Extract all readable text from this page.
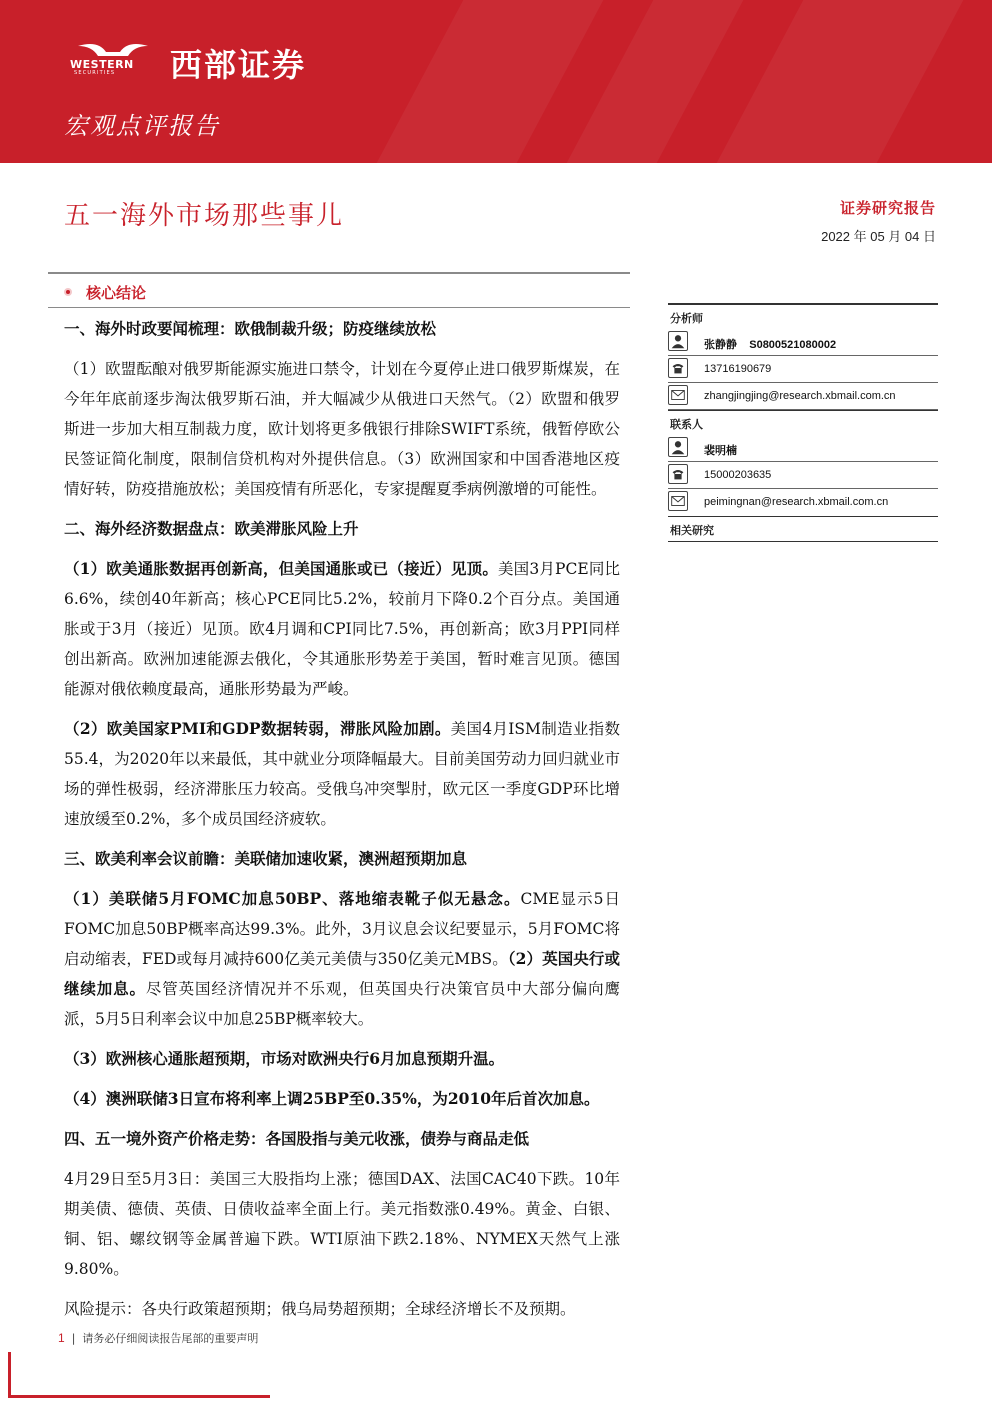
WESTERN
SECURITIES 西部证券
宏观点评报告
五一海外市场那些事儿	证券研究报告
2022 年 05 月 04 日
核心结论

一、海外时政要闻梳理：欧俄制裁升级；防疫继续放松

（1）欧盟酝酿对俄罗斯能源实施进口禁令，计划在今夏停止进口俄罗斯煤炭，在今年年底前逐步淘汰俄罗斯石油，并大幅减少从俄进口天然气。（2）欧盟和俄罗斯进一步加大相互制裁力度，欧计划将更多俄银行排除SWIFT系统，俄暂停欧公民签证简化制度，限制信贷机构对外提供信息。（3）欧洲国家和中国香港地区疫情好转，防疫措施放松；美国疫情有所恶化，专家提醒夏季病例激增的可能性。

二、海外经济数据盘点：欧美滞胀风险上升

（1）欧美通胀数据再创新高，但美国通胀或已（接近）见顶。美国3月PCE同比6.6%，续创40年新高；核心PCE同比5.2%，较前月下降0.2个百分点。美国通胀或于3月（接近）见顶。欧4月调和CPI同比7.5%，再创新高；欧3月PPI同样创出新高。欧洲加速能源去俄化，令其通胀形势差于美国，暂时难言见顶。德国能源对俄依赖度最高，通胀形势最为严峻。

（2）欧美国家PMI和GDP数据转弱，滞胀风险加剧。美国4月ISM制造业指数55.4，为2020年以来最低，其中就业分项降幅最大。目前美国劳动力回归就业市场的弹性极弱，经济滞胀压力较高。受俄乌冲突掣肘，欧元区一季度GDP环比增速放缓至0.2%，多个成员国经济疲软。

三、欧美利率会议前瞻：美联储加速收紧，澳洲超预期加息

（1）美联储5月FOMC加息50BP、落地缩表靴子似无悬念。CME显示5日FOMC加息50BP概率高达99.3%。此外，3月议息会议纪要显示，5月FOMC将启动缩表，FED或每月减持600亿美元美债与350亿美元MBS。（2）英国央行或继续加息。尽管英国经济情况并不乐观，但英国央行决策官员中大部分偏向鹰派，5月5日利率会议中加息25BP概率较大。

（3）欧洲核心通胀超预期，市场对欧洲央行6月加息预期升温。

（4）澳洲联储3日宣布将利率上调25BP至0.35%，为2010年后首次加息。

四、五一境外资产价格走势：各国股指与美元收涨，债券与商品走低

4月29日至5月3日：美国三大股指均上涨；德国DAX、法国CAC40下跌。10年期美债、德债、英债、日债收益率全面上行。美元指数涨0.49%。黄金、白银、铜、铝、螺纹钢等金属普遍下跌。WTI原油下跌2.18%、NYMEX天然气上涨9.80%。

风险提示：各央行政策超预期；俄乌局势超预期；全球经济增长不及预期。

分析师
张静静 S0800521080002
13716190679
zhangjingjing@research.xbmail.com.cn
联系人
裴明楠
15000203635
peimingnan@research.xbmail.com.cn
相关研究
1 | 请务必仔细阅读报告尾部的重要声明
